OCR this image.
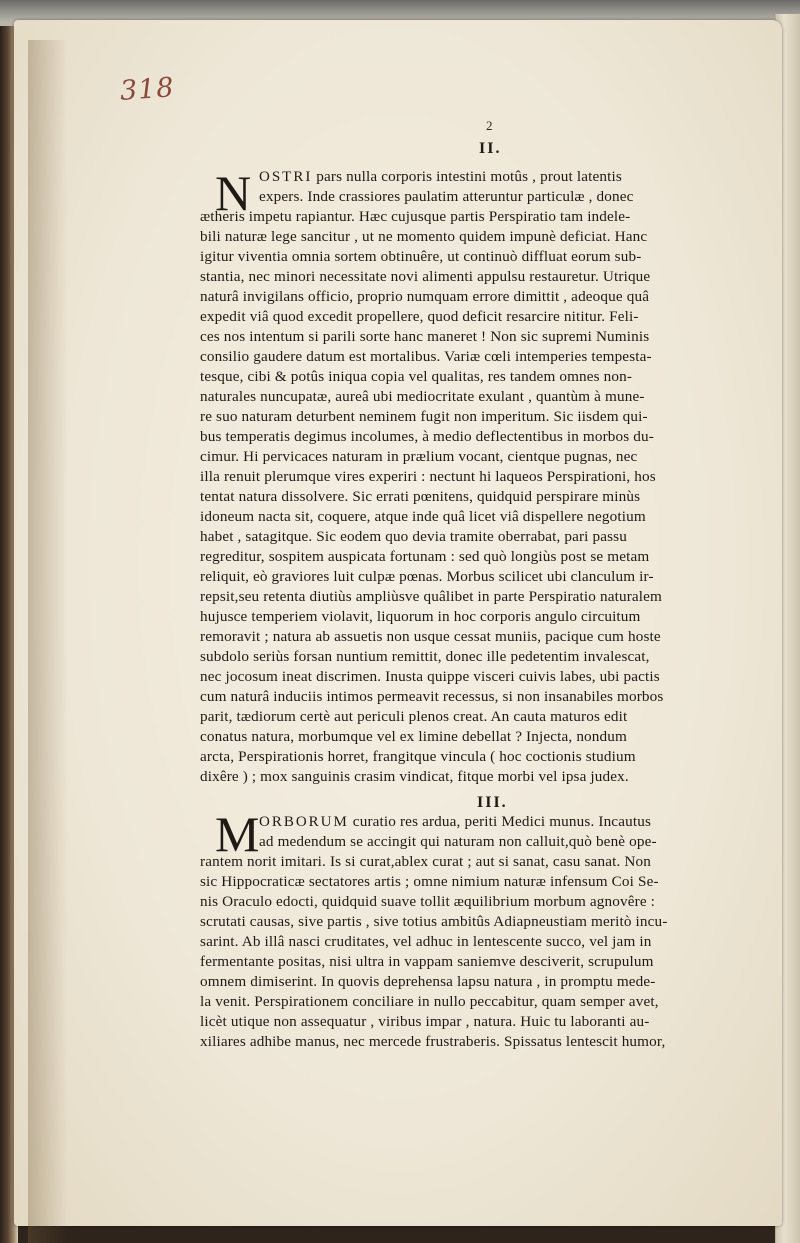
318
2
II.
N OSTRI pars nulla corporis intestini motûs , prout latentis
expers. Inde crassiores paulatim atteruntur particulæ , donec
ætheris impetu rapiantur. Hæc cujusque partis Perspiratio tam indele-
bili naturæ lege sancitur , ut ne momento quidem impunè deficiat. Hanc
igitur viventia omnia sortem obtinuêre, ut continuò diffluat eorum sub-
stantia, nec minori necessitate novi alimenti appulsu restauretur. Utrique
naturâ invigilans officio, proprio numquam errore dimittit , adeoque quâ
expedit viâ quod excedit propellere, quod deficit resarcire nititur. Feli-
ces nos intentum si parili sorte hanc maneret ! Non sic supremi Numinis
consilio gaudere datum est mortalibus. Variæ cœli intemperies tempesta-
tesque, cibi & potûs iniqua copia vel qualitas, res tandem omnes non-
naturales nuncupatæ, aureâ ubi mediocritate exulant , quantùm à mune-
re suo naturam deturbent neminem fugit non imperitum. Sic iisdem qui-
bus temperatis degimus incolumes, à medio deflectentibus in morbos du-
cimur. Hi pervicaces naturam in prælium vocant, cientque pugnas, nec
illa renuit plerumque vires experiri : nectunt hi laqueos Perspirationi, hos
tentat natura dissolvere. Sic errati pœnitens, quidquid perspirare minùs
idoneum nacta sit, coquere, atque inde quâ licet viâ dispellere negotium
habet , satagitque. Sic eodem quo devia tramite oberrabat, pari passu
regreditur, sospitem auspicata fortunam : sed quò longiùs post se metam
reliquit, eò graviores luit culpæ pœnas. Morbus scilicet ubi clanculum ir-
repsit,seu retenta diutiùs ampliùsve quâlibet in parte Perspiratio naturalem
hujusce temperiem violavit, liquorum in hoc corporis angulo circuitum
remoravit ; natura ab assuetis non usque cessat muniis, pacique cum hoste
subdolo seriùs forsan nuntium remittit, donec ille pedetentim invalescat,
nec jocosum ineat discrimen. Inusta quippe visceri cuivis labes, ubi pactis
cum naturâ induciis intimos permeavit recessus, si non insanabiles morbos
parit, tædiorum certè aut periculi plenos creat. An cauta maturos edit
conatus natura, morbumque vel ex limine debellat ? Injecta, nondum
arcta, Perspirationis horret, frangitque vincula ( hoc coctionis studium
dixêre ) ; mox sanguinis crasim vindicat, fitque morbi vel ipsa judex.
III.
M ORBORUM curatio res ardua, periti Medici munus. Incautus
ad medendum se accingit qui naturam non calluit,quò benè ope-
rantem norit imitari. Is si curat,ablex curat ; aut si sanat, casu sanat. Non
sic Hippocraticæ sectatores artis ; omne nimium naturæ infensum Coi Se-
nis Oraculo edocti, quidquid suave tollit æquilibrium morbum agnovêre :
scrutati causas, sive partis , sive totius ambitûs Adiapneustiam meritò incu-
sarint. Ab illâ nasci cruditates, vel adhuc in lentescente succo, vel jam in
fermentante positas, nisi ultra in vappam saniemve desciverit, scrupulum
omnem dimiserint. In quovis deprehensa lapsu natura , in promptu mede-
la venit. Perspirationem conciliare in nullo peccabitur, quam semper avet,
licèt utique non assequatur , viribus impar , natura. Huic tu laboranti au-
xiliares adhibe manus, nec mercede frustraberis. Spissatus lentescit humor,
